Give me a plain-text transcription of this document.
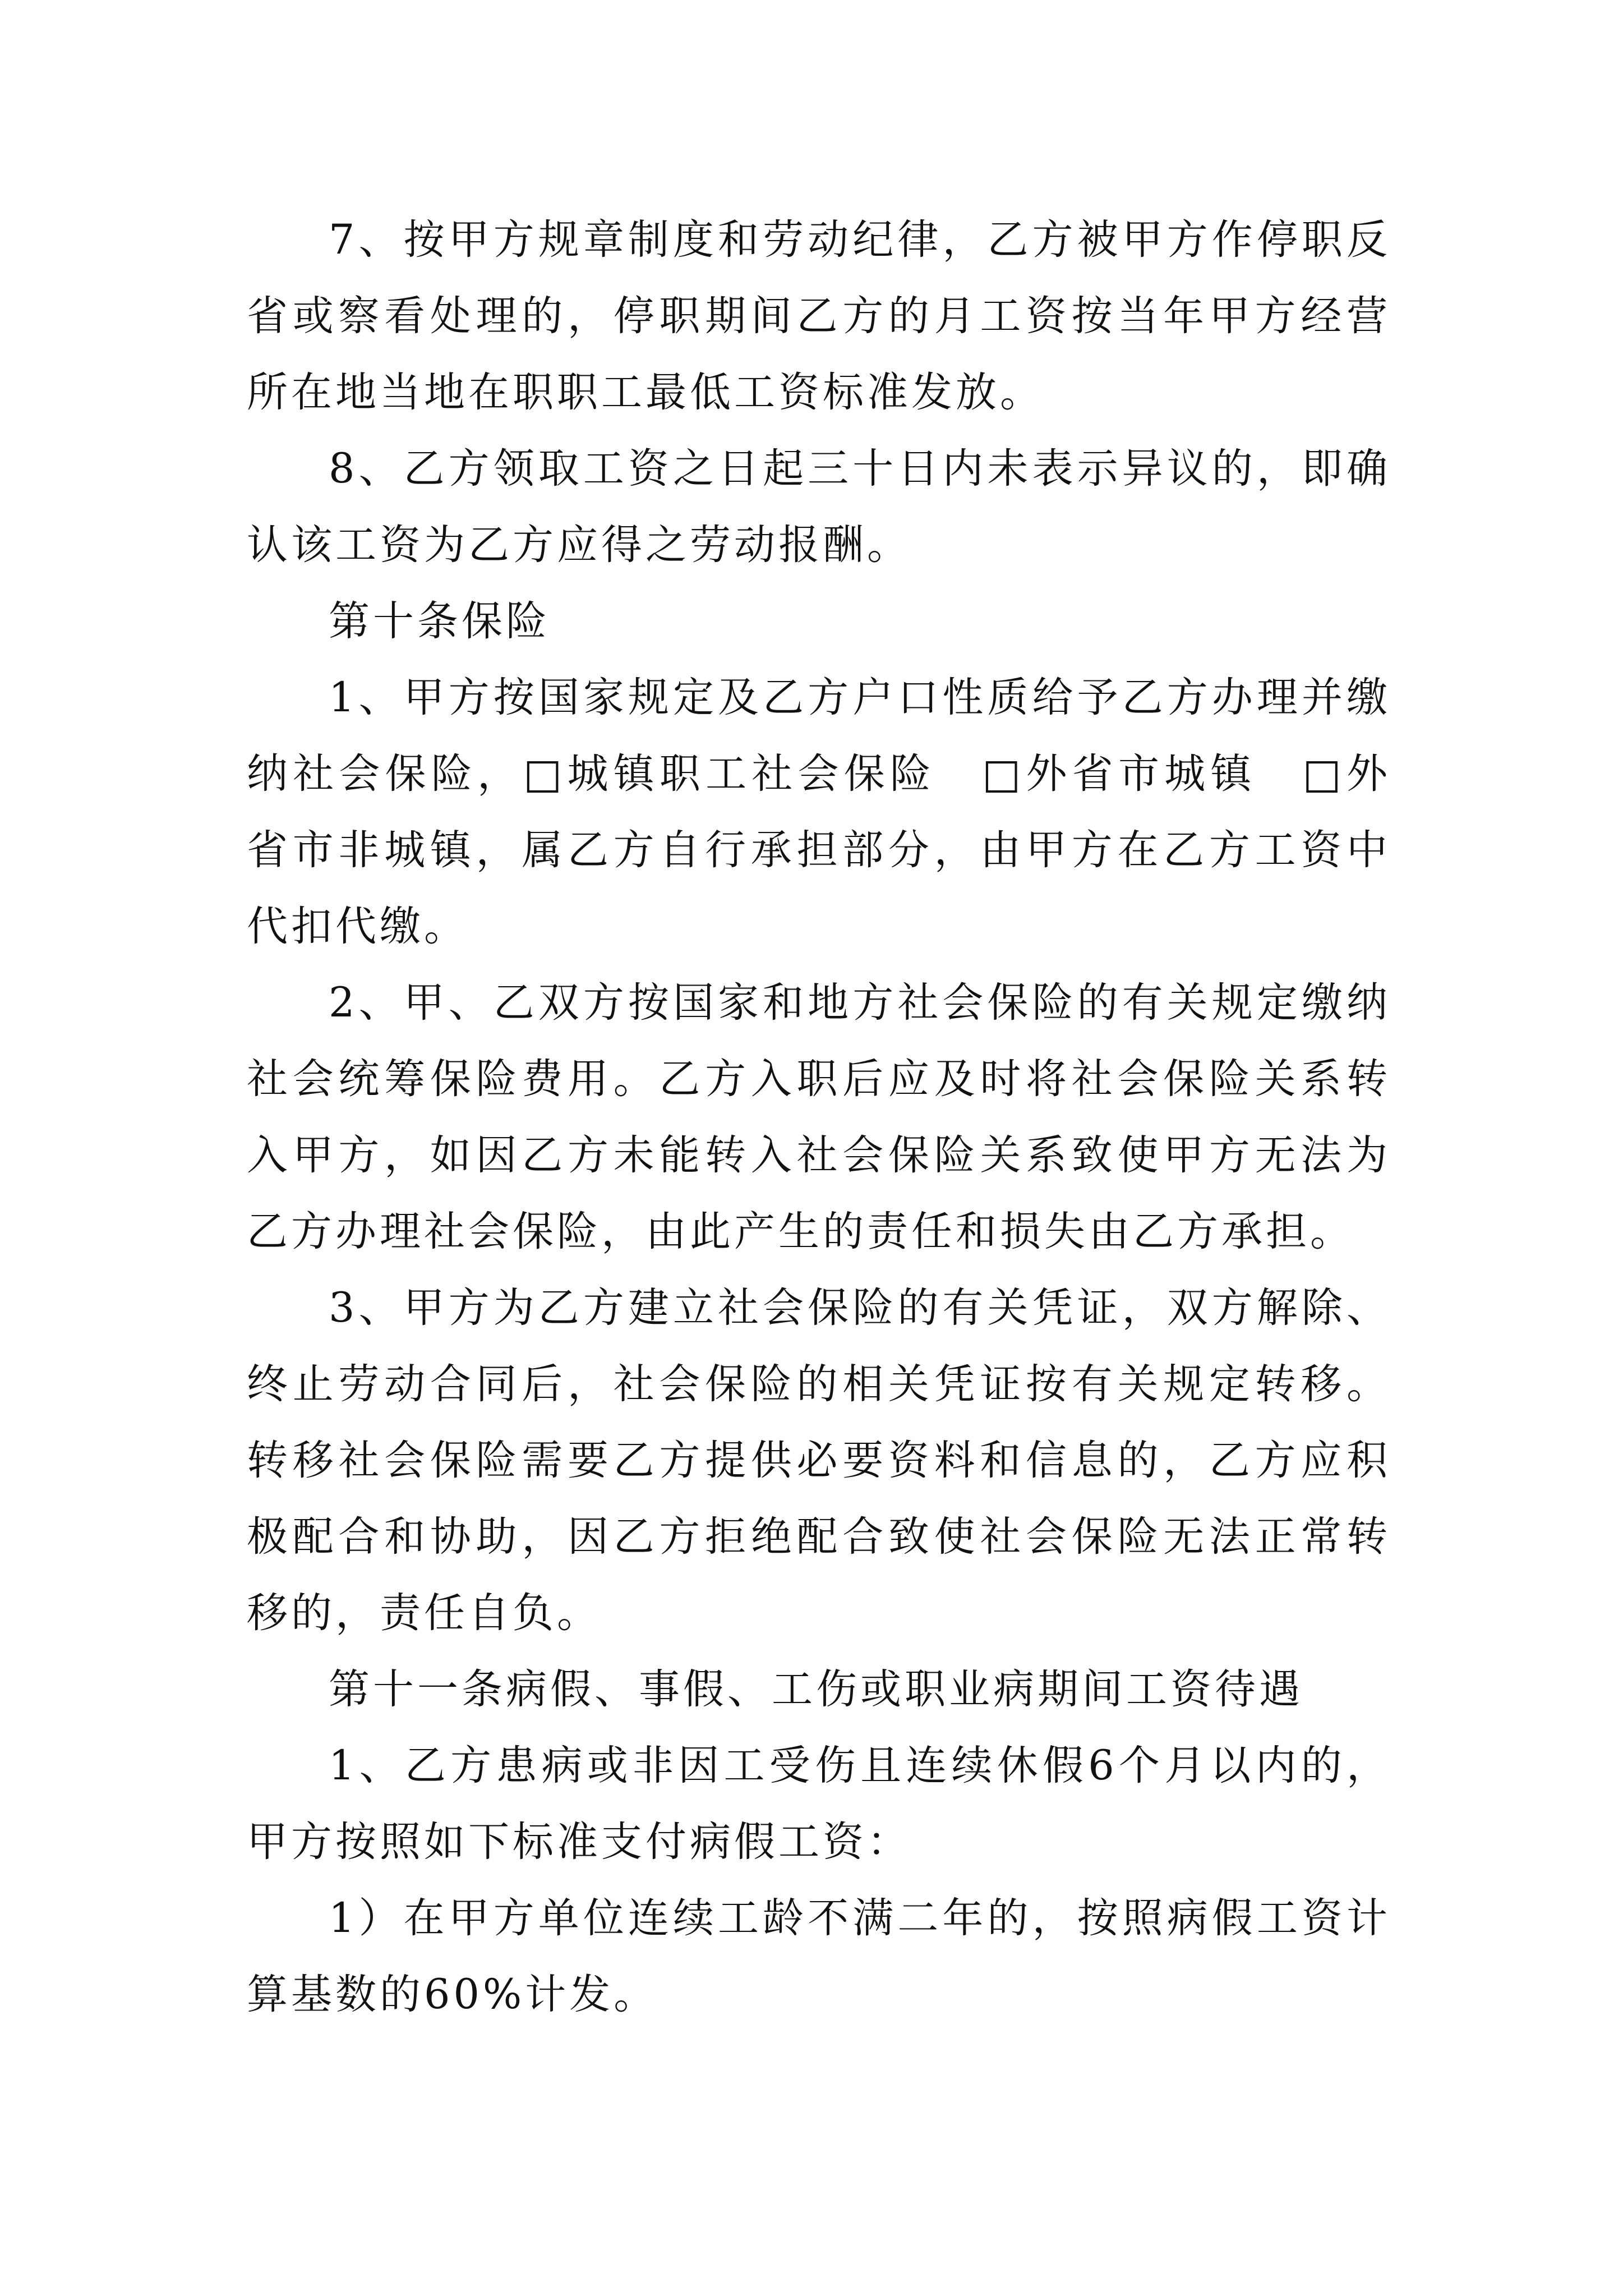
7、按甲方规章制度和劳动纪律，乙方被甲方作停职反省或察看处理的，停职期间乙方的月工资按当年甲方经营所在地当地在职职工最低工资标准发放。

8、乙方领取工资之日起三十日内未表示异议的，即确认该工资为乙方应得之劳动报酬。

第十条保险

1、甲方按国家规定及乙方户口性质给予乙方办理并缴纳社会保险，□城镇职工社会保险　□外省市城镇　□外省市非城镇，属乙方自行承担部分，由甲方在乙方工资中代扣代缴。

2、甲、乙双方按国家和地方社会保险的有关规定缴纳社会统筹保险费用。乙方入职后应及时将社会保险关系转入甲方，如因乙方未能转入社会保险关系致使甲方无法为乙方办理社会保险，由此产生的责任和损失由乙方承担。

3、甲方为乙方建立社会保险的有关凭证，双方解除、终止劳动合同后，社会保险的相关凭证按有关规定转移。转移社会保险需要乙方提供必要资料和信息的，乙方应积极配合和协助，因乙方拒绝配合致使社会保险无法正常转移的，责任自负。

第十一条病假、事假、工伤或职业病期间工资待遇

1、乙方患病或非因工受伤且连续休假6个月以内的，甲方按照如下标准支付病假工资：

1）在甲方单位连续工龄不满二年的，按照病假工资计算基数的60%计发。
